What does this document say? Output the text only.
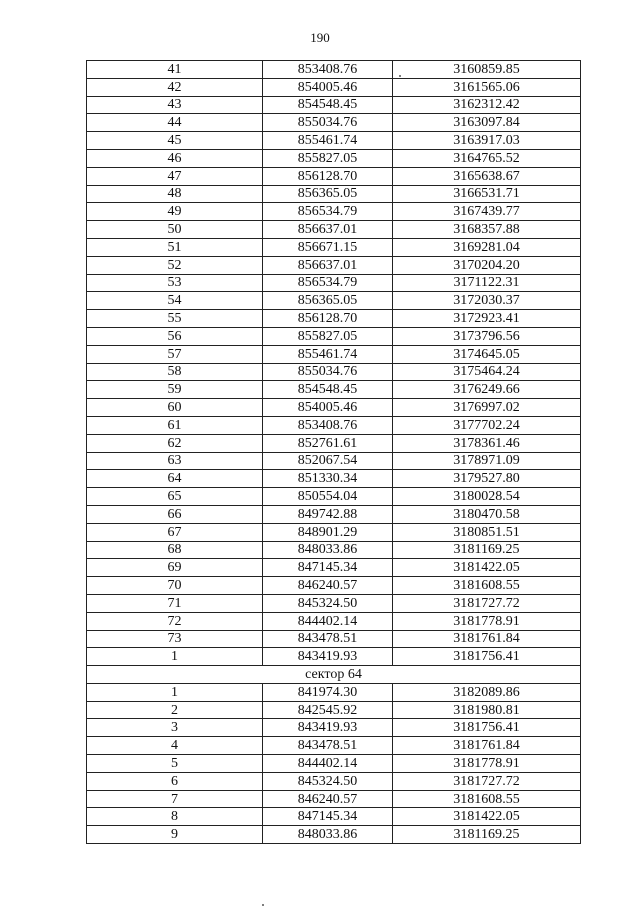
190
41	853408.76	3160859.85
42	854005.46	3161565.06
43	854548.45	3162312.42
44	855034.76	3163097.84
45	855461.74	3163917.03
46	855827.05	3164765.52
47	856128.70	3165638.67
48	856365.05	3166531.71
49	856534.79	3167439.77
50	856637.01	3168357.88
51	856671.15	3169281.04
52	856637.01	3170204.20
53	856534.79	3171122.31
54	856365.05	3172030.37
55	856128.70	3172923.41
56	855827.05	3173796.56
57	855461.74	3174645.05
58	855034.76	3175464.24
59	854548.45	3176249.66
60	854005.46	3176997.02
61	853408.76	3177702.24
62	852761.61	3178361.46
63	852067.54	3178971.09
64	851330.34	3179527.80
65	850554.04	3180028.54
66	849742.88	3180470.58
67	848901.29	3180851.51
68	848033.86	3181169.25
69	847145.34	3181422.05
70	846240.57	3181608.55
71	845324.50	3181727.72
72	844402.14	3181778.91
73	843478.51	3181761.84
1	843419.93	3181756.41
сектор 64		
1	841974.30	3182089.86
2	842545.92	3181980.81
3	843419.93	3181756.41
4	843478.51	3181761.84
5	844402.14	3181778.91
6	845324.50	3181727.72
7	846240.57	3181608.55
8	847145.34	3181422.05
9	848033.86	3181169.25
